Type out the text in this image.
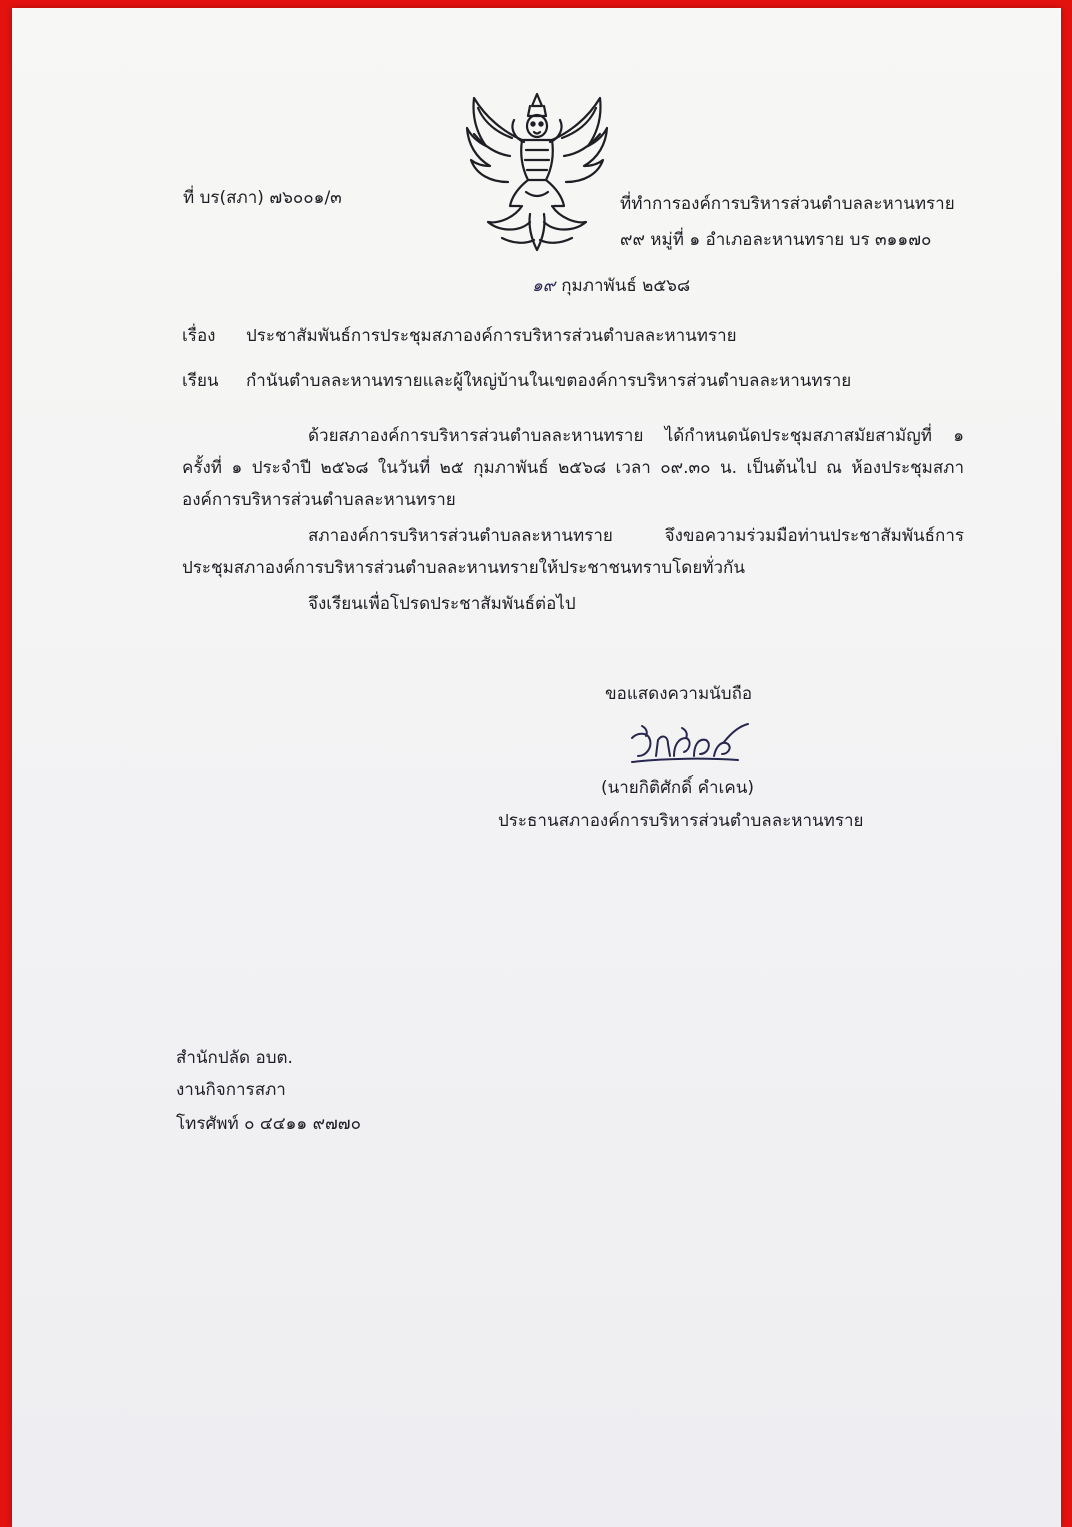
ที่ บร(สภา) ๗๖๐๐๑/๓	ที่ทำการองค์การบริหารส่วนตำบลละหานทราย
๙๙ หมู่ที่ ๑ อำเภอละหานทราย บร ๓๑๑๗๐
๑๙ กุมภาพันธ์ ๒๕๖๘
เรื่อง ประชาสัมพันธ์การประชุมสภาองค์การบริหารส่วนตำบลละหานทราย
เรียน กำนันตำบลละหานทรายและผู้ใหญ่บ้านในเขตองค์การบริหารส่วนตำบลละหานทราย
ด้วยสภาองค์การบริหารส่วนตำบลละหานทราย ได้กำหนดนัดประชุมสภาสมัยสามัญที่ ๑ ครั้งที่ ๑ ประจำปี ๒๕๖๘ ในวันที่ ๒๕ กุมภาพันธ์ ๒๕๖๘ เวลา ๐๙.๓๐ น. เป็นต้นไป ณ ห้องประชุมสภาองค์การบริหารส่วนตำบลละหานทราย
สภาองค์การบริหารส่วนตำบลละหานทราย จึงขอความร่วมมือท่านประชาสัมพันธ์การประชุมสภาองค์การบริหารส่วนตำบลละหานทรายให้ประชาชนทราบโดยทั่วกัน
จึงเรียนเพื่อโปรดประชาสัมพันธ์ต่อไป
ขอแสดงความนับถือ
(นายกิติศักดิ์ คำเคน)
ประธานสภาองค์การบริหารส่วนตำบลละหานทราย
สำนักปลัด อบต.
งานกิจการสภา
โทรศัพท์ ๐ ๔๔๑๑ ๙๗๗๐
